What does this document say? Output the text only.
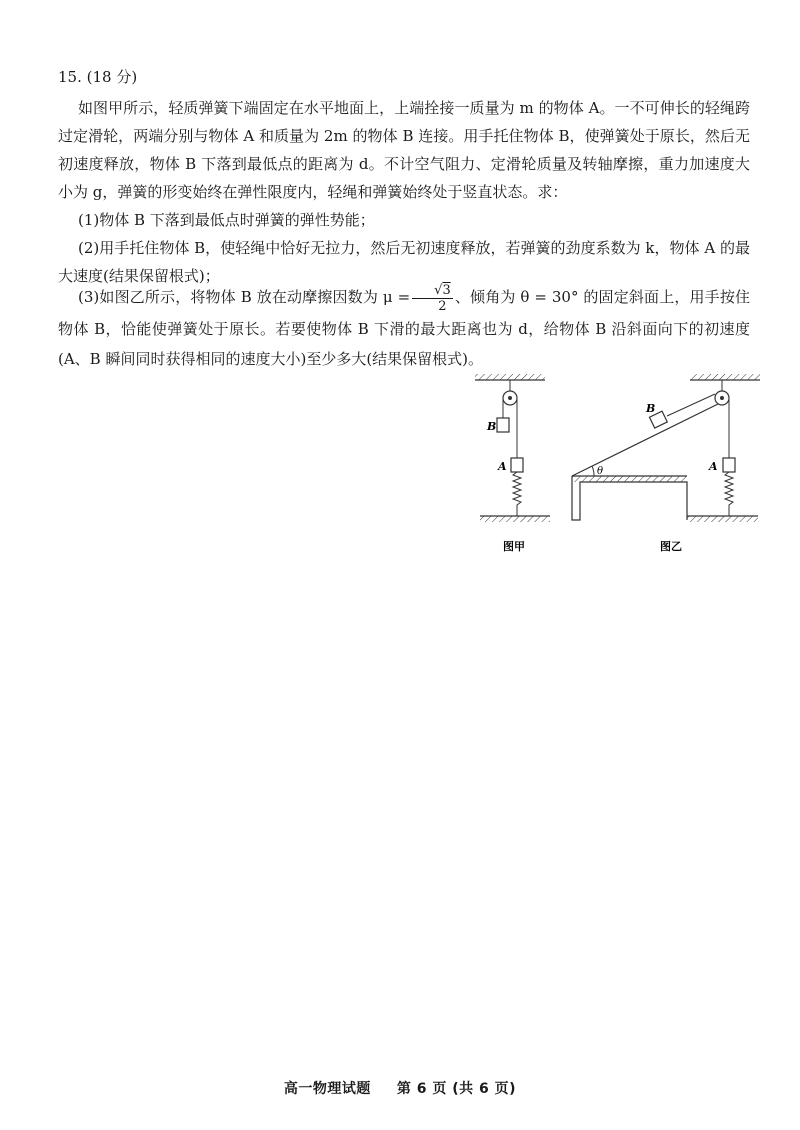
15. (18 分)

如图甲所示，轻质弹簧下端固定在水平地面上，上端拴接一质量为 m 的物体 A。一不可伸长的轻绳跨过定滑轮，两端分别与物体 A 和质量为 2m 的物体 B 连接。用手托住物体 B，使弹簧处于原长，然后无初速度释放，物体 B 下落到最低点的距离为 d。不计空气阻力、定滑轮质量及转轴摩擦，重力加速度大小为 g，弹簧的形变始终在弹性限度内，轻绳和弹簧始终处于竖直状态。求：

(1)物体 B 下落到最低点时弹簧的弹性势能；

(2)用手托住物体 B，使轻绳中恰好无拉力，然后无初速度释放，若弹簧的劲度系数为 k，物体 A 的最大速度(结果保留根式)；

(3)如图乙所示，将物体 B 放在动摩擦因数为 $\mu = \frac{√3}{2}$ 、倾角为 θ = 30° 的固定斜面上，用手按住物体 B，恰能使弹簧处于原长。若要使物体 B 下滑的最大距离也为 d，给物体 B 沿斜面向下的初速度(A、B 瞬间同时获得相同的速度大小)至少多大(结果保留根式)。

B
A
图甲
θ
B
A
图乙
高一物理试题 第 6 页 (共 6 页)
